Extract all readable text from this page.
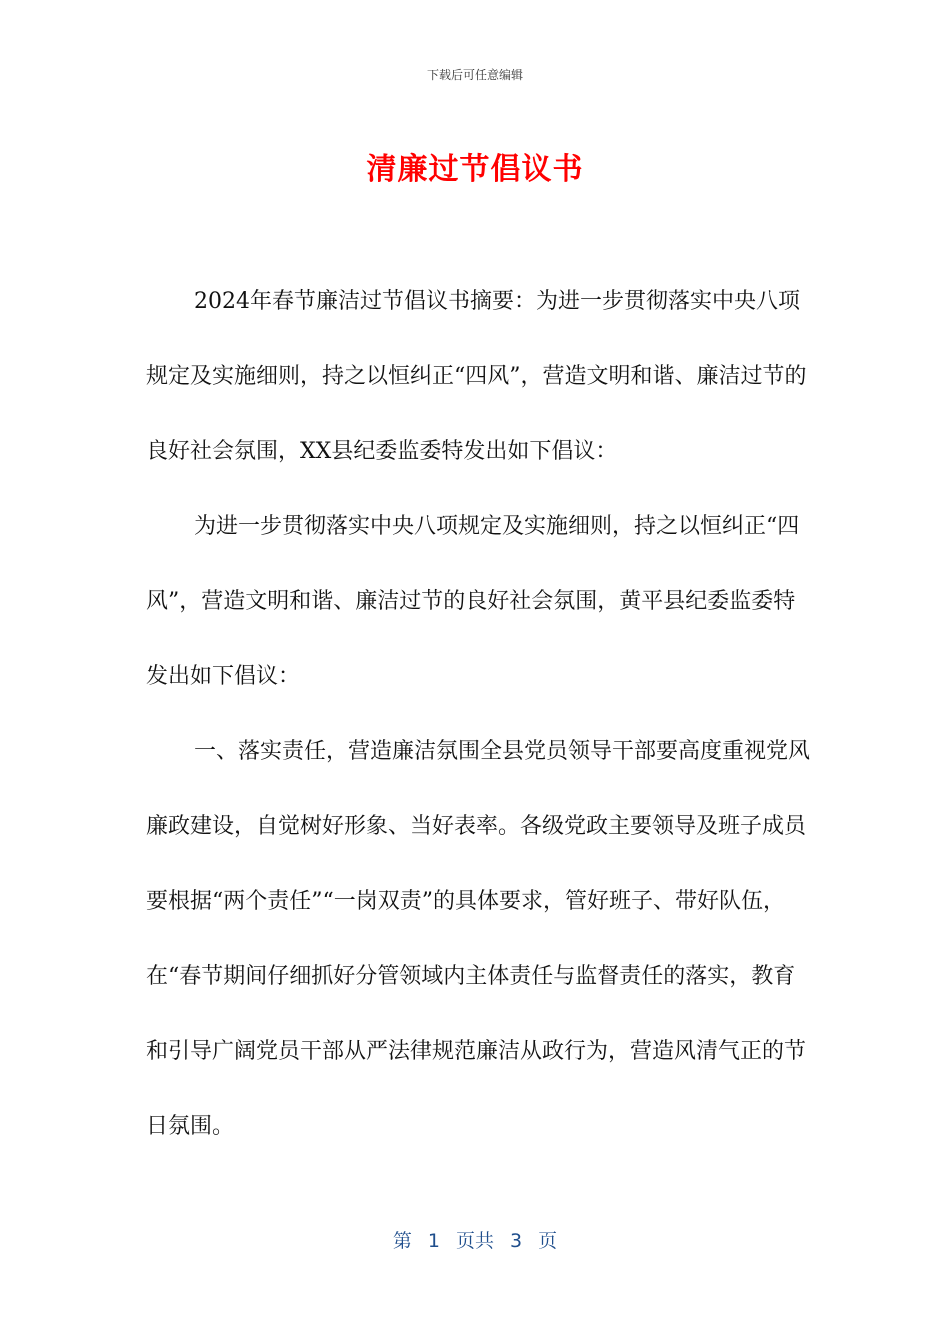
下载后可任意编辑
清廉过节倡议书

2024年春节廉洁过节倡议书摘要：为进一步贯彻落实中央八项规定及实施细则，持之以恒纠正“四风”，营造文明和谐、廉洁过节的良好社会氛围，XX县纪委监委特发出如下倡议：

为进一步贯彻落实中央八项规定及实施细则，持之以恒纠正“四风”，营造文明和谐、廉洁过节的良好社会氛围，黄平县纪委监委特发出如下倡议：

一、落实责任，营造廉洁氛围全县党员领导干部要高度重视党风廉政建设，自觉树好形象、当好表率。各级党政主要领导及班子成员要根据“两个责任”“一岗双责”的具体要求，管好班子、带好队伍，在“春节期间仔细抓好分管领域内主体责任与监督责任的落实，教育和引导广阔党员干部从严法律规范廉洁从政行为，营造风清气正的节日氛围。

第 1 页共 3 页
